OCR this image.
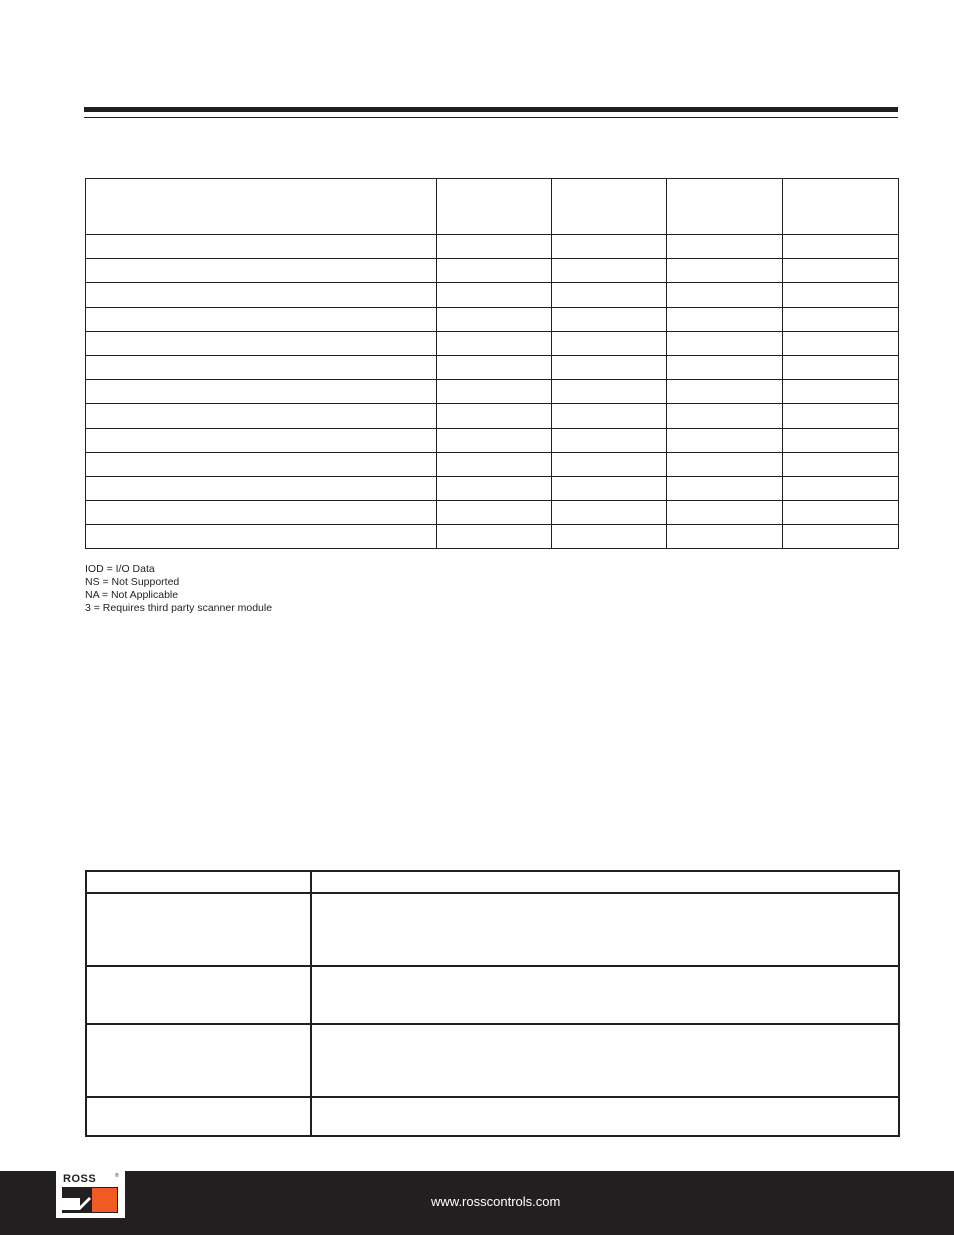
IOD = I/O Data
NS = Not Supported
NA = Not Applicable
3 = Requires third party scanner module

ROSS	®
www.rosscontrols.com
